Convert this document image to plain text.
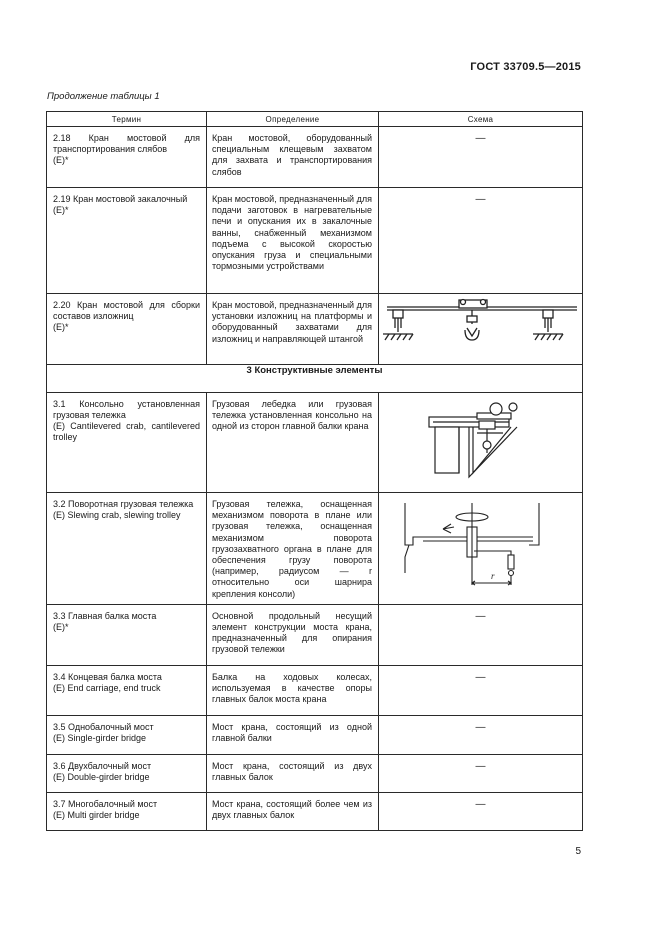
ГОСТ 33709.5—2015
Продолжение таблицы 1
Термин	Определение	Схема

2.18 Кран мостовой для транспортирования слябов
(E)*	Кран мостовой, оборудованный специальным клещевым захватом для захвата и транспортирования слябов	—

2.19 Кран мостовой закалочный
(E)*	Кран мостовой, предназначенный для подачи заготовок в нагревательные печи и опускания их в закалочные ванны, снабженный механизмом подъема с высокой скоростью опускания груза и специальными тормозными устройствами	—

2.20 Кран мостовой для сборки составов изложниц
(E)*	Кран мостовой, предназначенный для установки изложниц на платформы и оборудованный захватами для изложниц и направляющей штангой	

3 Конструктивные элементы		

3.1 Консольно установленная грузовая тележка
(E) Cantilevered crab, cantilevered trolley	Грузовая лебедка или грузовая тележка установленная консольно на одной из сторон главной балки крана	

3.2 Поворотная грузовая тележка
(E) Slewing crab, slewing trolley	Грузовая тележка, оснащенная механизмом поворота в плане или грузовая тележка, оснащенная механизмом поворота грузозахватного органа в плане для обеспечения грузу поворота (например, радиусом — r относительно оси шарнира крепления консоли)	r

3.3 Главная балка моста
(E)*	Основной продольный несущий элемент конструкции моста крана, предназначенный для опирания грузовой тележки	—

3.4 Концевая балка моста
(E) End carriage, end truck	Балка на ходовых колесах, используемая в качестве опоры главных балок моста крана	—

3.5 Однобалочный мост
(E) Single-girder bridge	Мост крана, состоящий из одной главной балки	—

3.6 Двухбалочный мост
(E) Double-girder bridge	Мост крана, состоящий из двух главных балок	—

3.7 Многобалочный мост
(E) Multi girder bridge	Мост крана, состоящий более чем из двух главных балок	—
5
